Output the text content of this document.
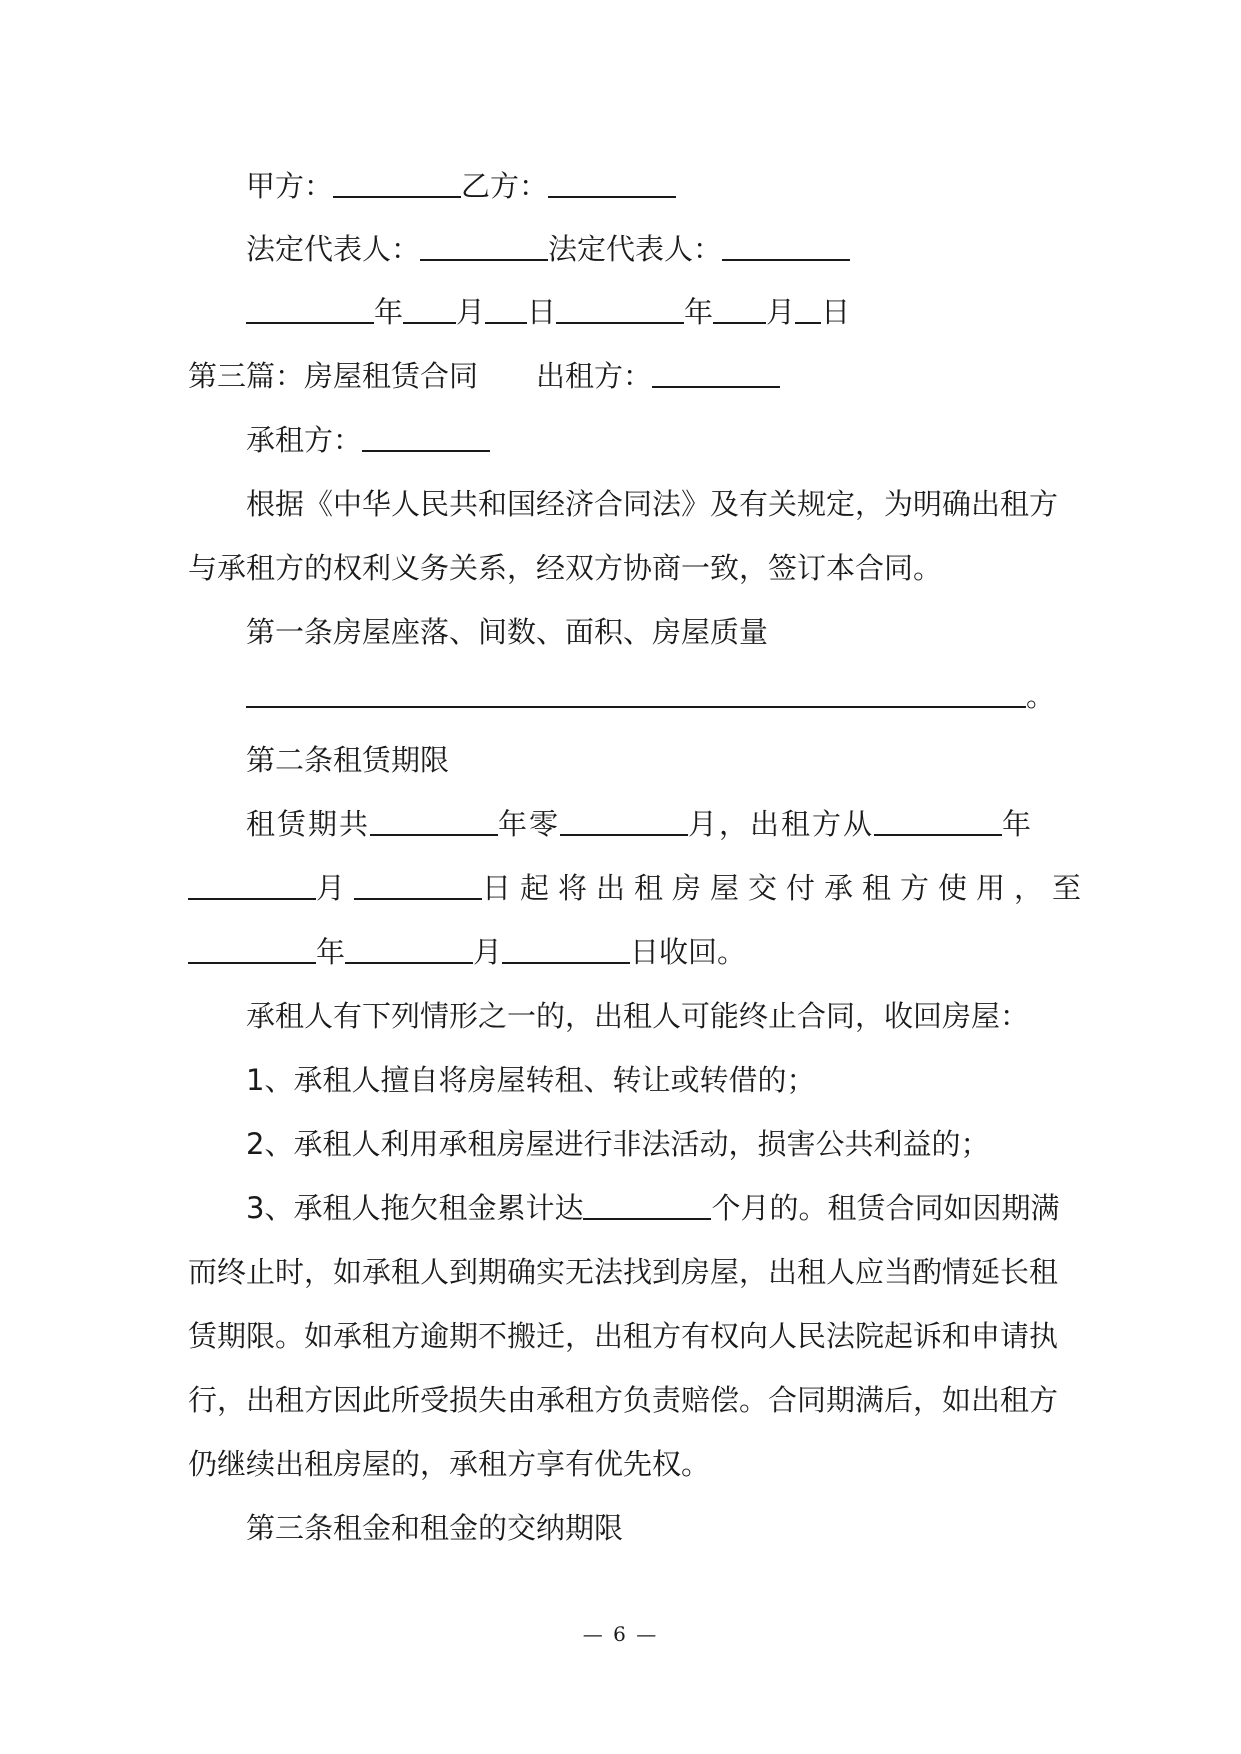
甲方：	乙方：
法定代表人：	法定代表人：
年 月 日	年 月 日
第三篇：房屋租赁合同 出租方：
承租方：
根据《中华人民共和国经济合同法》及有关规定，为明确出租方
与承租方的权利义务关系，经双方协商一致，签订本合同。
第一条房屋座落、间数、面积、房屋质量
。
第二条租赁期限
租赁期共	年零	月，出租方从	年
月	日起将出租房屋交付承租方使用，至
年	月	日收回。
承租人有下列情形之一的，出租人可能终止合同，收回房屋：
1、承租人擅自将房屋转租、转让或转借的；
2、承租人利用承租房屋进行非法活动，损害公共利益的；
3、承租人拖欠租金累计达	个月的。租赁合同如因期满
而终止时，如承租人到期确实无法找到房屋，出租人应当酌情延长租
赁期限。如承租方逾期不搬迁，出租方有权向人民法院起诉和申请执
行，出租方因此所受损失由承租方负责赔偿。合同期满后，如出租方
仍继续出租房屋的，承租方享有优先权。
第三条租金和租金的交纳期限
— 6 —
